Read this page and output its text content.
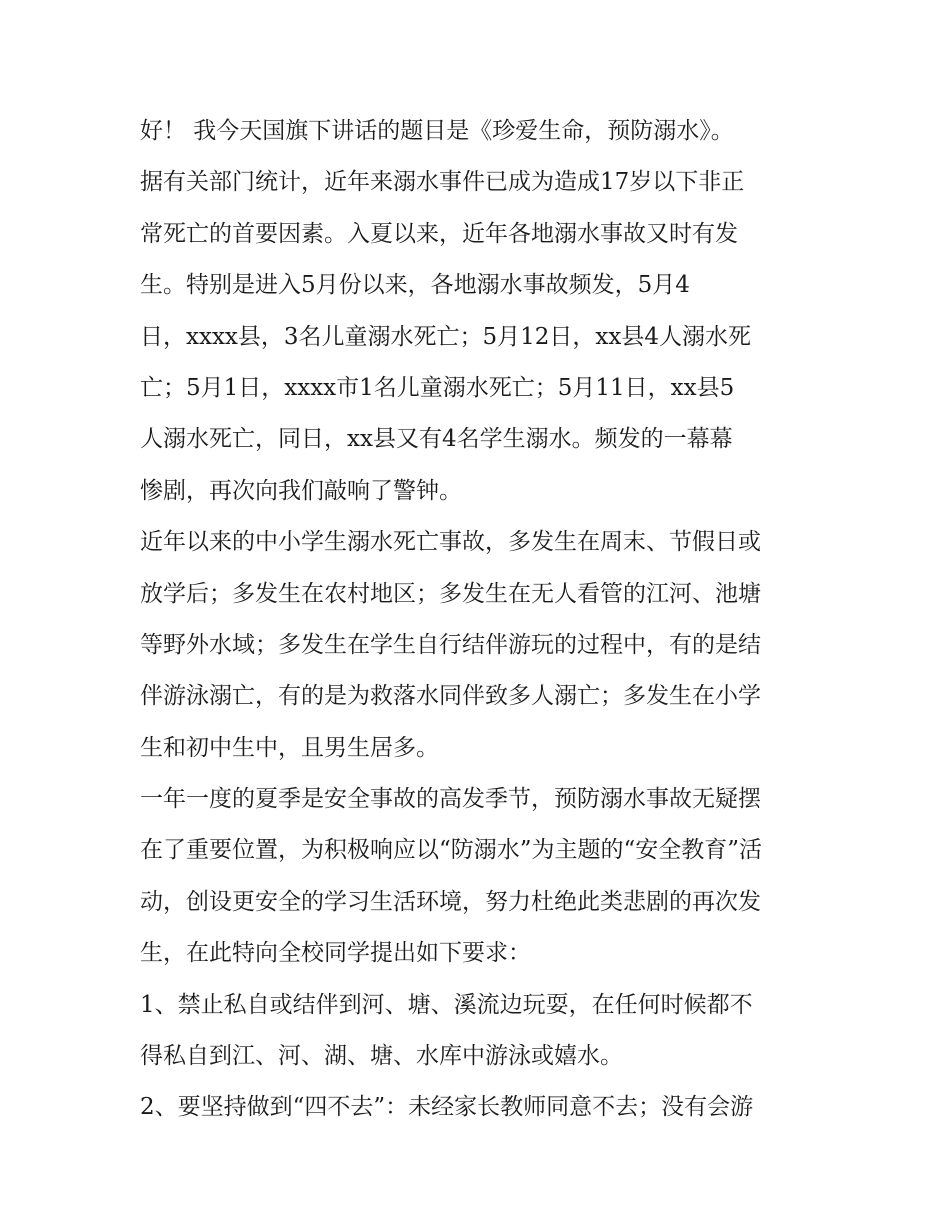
好！ 我今天国旗下讲话的题目是《珍爱生命，预防溺水》。
据有关部门统计，近年来溺水事件已成为造成17岁以下非正
常死亡的首要因素。入夏以来，近年各地溺水事故又时有发
生。特别是进入5月份以来，各地溺水事故频发，5月4
日，xxxx县，3名儿童溺水死亡；5月12日，xx县4人溺水死
亡；5月1日，xxxx市1名儿童溺水死亡；5月11日，xx县5
人溺水死亡，同日，xx县又有4名学生溺水。频发的一幕幕
惨剧，再次向我们敲响了警钟。
近年以来的中小学生溺水死亡事故，多发生在周末、节假日或
放学后；多发生在农村地区；多发生在无人看管的江河、池塘
等野外水域；多发生在学生自行结伴游玩的过程中，有的是结
伴游泳溺亡，有的是为救落水同伴致多人溺亡；多发生在小学
生和初中生中，且男生居多。
一年一度的夏季是安全事故的高发季节，预防溺水事故无疑摆
在了重要位置，为积极响应以“防溺水”为主题的“安全教育”活
动，创设更安全的学习生活环境，努力杜绝此类悲剧的再次发
生，在此特向全校同学提出如下要求：
1、禁止私自或结伴到河、塘、溪流边玩耍，在任何时候都不
得私自到江、河、湖、塘、水库中游泳或嬉水。
2、要坚持做到“四不去”：未经家长教师同意不去；没有会游
